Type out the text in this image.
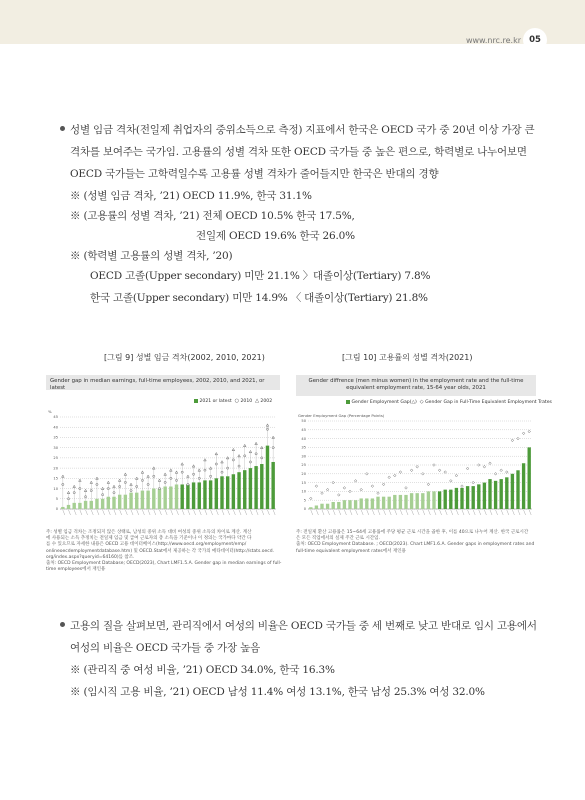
www.nrc.re.kr 05
성별 임금 격차(전일제 취업자의 중위소득으로 측정) 지표에서 한국은 OECD 국가 중 20년 이상 가장 큰
격차를 보여주는 국가임. 고용률의 성별 격차 또한 OECD 국가들 중 높은 편으로, 학력별로 나누어보면
OECD 국가들는 고학력일수록 고용률 성별 격차가 줄어들지만 한국은 반대의 경향
※ (성별 임금 격차, ’21) OECD 11.9%, 한국 31.1%
※ (고용률의 성별 격차, ’21) 전체 OECD 10.5% 한국 17.5%,
전일제 OECD 19.6% 한국 26.0%
※ (학력별 고용률의 성별 격차, ’20)
OECD 고졸(Upper secondary) 미만 21.1% 〉대졸이상(Tertiary) 7.8%
한국 고졸(Upper secondary) 미만 14.9% 〈 대졸이상(Tertiary) 21.8%
[그림 9] 성별 임금 격차(2002, 2010, 2021)	[그림 10] 고용률의 성별 격차(2021)
Gender gap in median earnings, full-time employees, 2002, 2010, and 2021, or latest
2021 or latest ○ 2010 △ 2002
%
0
5
10
15
20
25
30
35
40
45
주: 성별 임금 격차는 조정되지 않은 상태로, 남성의 중위 소득 대비 여성의 중위 소득의 차이로 계산. 계산
에 사용되는 소득 추정치는 전일제 임금 및 급여 근로자의 총 소득을 기준이나 이 정의는 국가마다 약간 다
를 수 있으므로 자세한 내용은 OECD 고용 데이터베이스(http://www.oecd.org/employment/emp/
onlineoecdemploymentdatabase.htm) 및 OECD.Stat에서 제공하는 각 국가의 메타데이터(http://stats.oecd.
org/index.aspx?queryid=64160)를 참조.
출처: OECD Employment Database; OECD(2023), Chart LMF1.5.A. Gender gap in median earnings of full-
time employees에서 재인용
Gender diffrence (men minus women) in the employment rate and the full-time
equivalent employment rate, 15-64 year olds, 2021
Gender Employment Gap(△) ◇ Gender Gap in Full-Time Equivalent Employment Trates
Gender Employment Gap (Percentage Points)
0
5
10
15
20
25
30
35
40
45
50
주: 전일제 환산 고용률은 15~64세 고용률에 주당 평균 근로 시간을 곱한 후, 이를 40으로 나누어 계산. 한국 근로시간
은 모든 직업에서의 실제 주간 근로 시간임.
출처: OECD Employment Database. ; OECD(2023). Chart LMF1.6.A. Gender gaps in employment rates and
full-time equivalent employment rates에서 재인용
고용의 질을 살펴보면, 관리직에서 여성의 비율은 OECD 국가들 중 세 번째로 낮고 반대로 임시 고용에서
여성의 비율은 OECD 국가들 중 가장 높음
※ (관리직 중 여성 비율, ’21) OECD 34.0%, 한국 16.3%
※ (임시직 고용 비율, ’21) OECD 남성 11.4% 여성 13.1%, 한국 남성 25.3% 여성 32.0%
